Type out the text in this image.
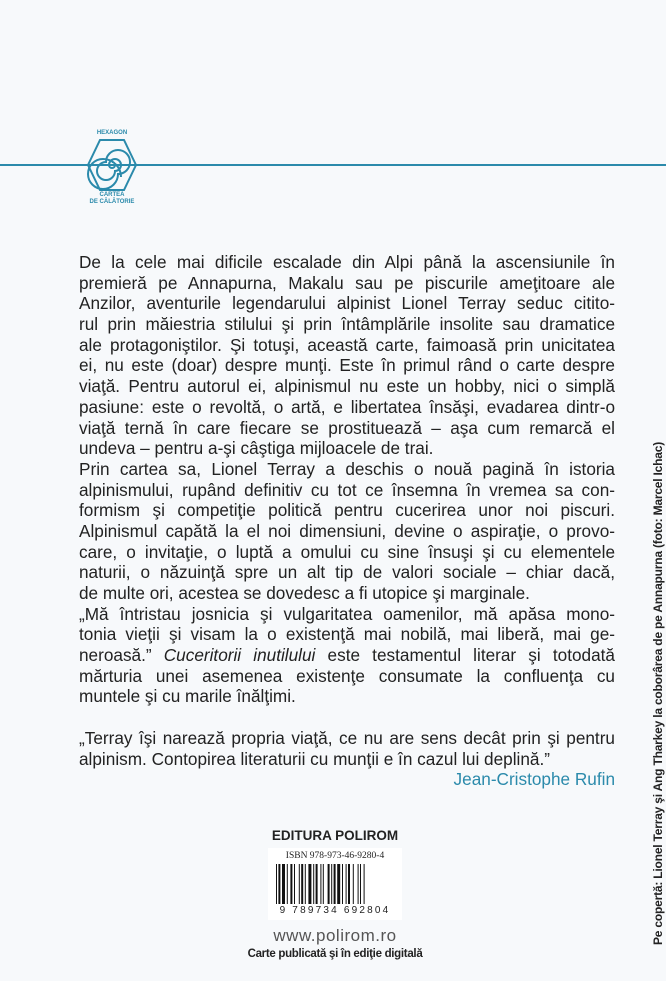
HEXAGON
CARTEA
DE CĂLĂTORIE
De la cele mai dificile escalade din Alpi până la ascensiunile în
premieră pe Annapurna, Makalu sau pe piscurile ameţitoare ale
Anzilor, aventurile legendarului alpinist Lionel Terray seduc citito-
rul prin măiestria stilului şi prin întâmplările insolite sau dramatice
ale protagoniştilor. Şi totuşi, această carte, faimoasă prin unicitatea
ei, nu este (doar) despre munţi. Este în primul rând o carte despre
viaţă. Pentru autorul ei, alpinismul nu este un hobby, nici o simplă
pasiune: este o revoltă, o artă, e libertatea însăşi, evadarea dintr-o
viaţă ternă în care fiecare se prostituează – aşa cum remarcă el
undeva – pentru a-şi câştiga mijloacele de trai.
Prin cartea sa, Lionel Terray a deschis o nouă pagină în istoria
alpinismului, rupând definitiv cu tot ce însemna în vremea sa con-
formism şi competiţie politică pentru cucerirea unor noi piscuri.
Alpinismul capătă la el noi dimensiuni, devine o aspiraţie, o provo-
care, o invitaţie, o luptă a omului cu sine însuşi şi cu elementele
naturii, o năzuinţă spre un alt tip de valori sociale – chiar dacă,
de multe ori, acestea se dovedesc a fi utopice şi marginale.
„Mă întristau josnicia şi vulgaritatea oamenilor, mă apăsa mono-
tonia vieţii şi visam la o existenţă mai nobilă, mai liberă, mai ge-
neroasă.” Cuceritorii inutilului este testamentul literar şi totodată
mărturia unei asemenea existenţe consumate la confluenţa cu
muntele şi cu marile înălţimi.
„Terray îşi narează propria viaţă, ce nu are sens decât prin şi pentru
alpinism. Contopirea literaturii cu munţii e în cazul lui deplină.”
Jean-Cristophe Rufin
EDITURA POLIROM
ISBN 978-973-46-9280-4
9 789734 692804
www.polirom.ro
Carte publicată şi în ediţie digitală
Pe copertă: Lionel Terray şi Ang Tharkey la coborârea de pe Annapurna (foto: Marcel Ichac)
